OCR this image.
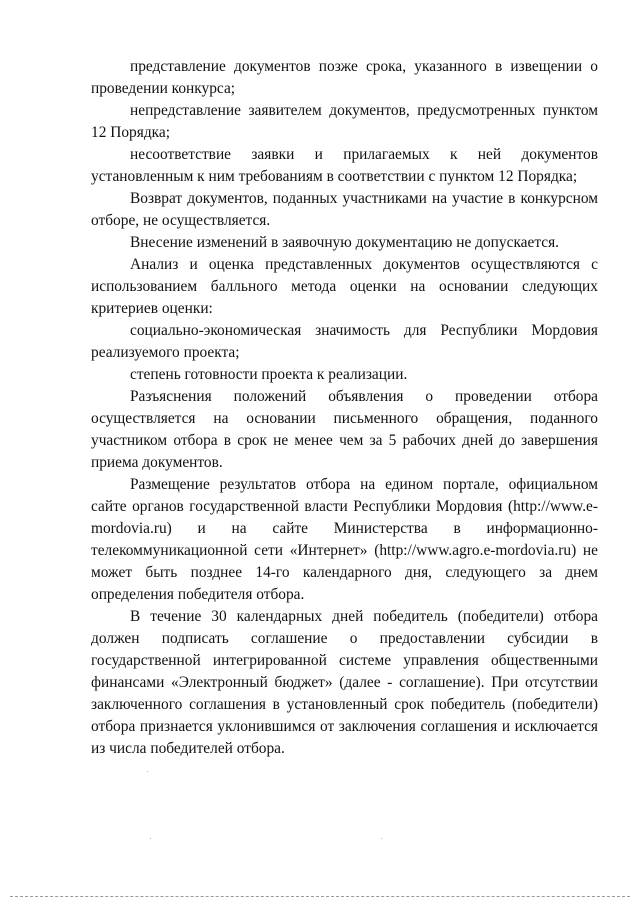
представление документов позже срока, указанного в извещении о проведении конкурса;

непредставление заявителем документов, предусмотренных пунктом 12 Порядка;

несоответствие заявки и прилагаемых к ней документов установленным к ним требованиям в соответствии с пунктом 12 Порядка;

Возврат документов, поданных участниками на участие в конкурсном отборе, не осуществляется.

Внесение изменений в заявочную документацию не допускается.

Анализ и оценка представленных документов осуществляются с использованием балльного метода оценки на основании следующих критериев оценки:

социально-экономическая значимость для Республики Мордовия реализуемого проекта;

степень готовности проекта к реализации.

Разъяснения положений объявления о проведении отбора осуществляется на основании письменного обращения, поданного участником отбора в срок не менее чем за 5 рабочих дней до завершения приема документов.

Размещение результатов отбора на едином портале, официальном сайте органов государственной власти Республики Мордовия (http://www.e-mordovia.ru) и на сайте Министерства в информационно-телекоммуникационной сети «Интернет» (http://www.agro.e-mordovia.ru) не может быть позднее 14-го календарного дня, следующего за днем определения победителя отбора.

В течение 30 календарных дней победитель (победители) отбора должен подписать соглашение о предоставлении субсидии в государственной интегрированной системе управления общественными финансами «Электронный бюджет» (далее - соглашение). При отсутствии заключенного соглашения в установленный срок победитель (победители) отбора признается уклонившимся от заключения соглашения и исключается из числа победителей отбора.
